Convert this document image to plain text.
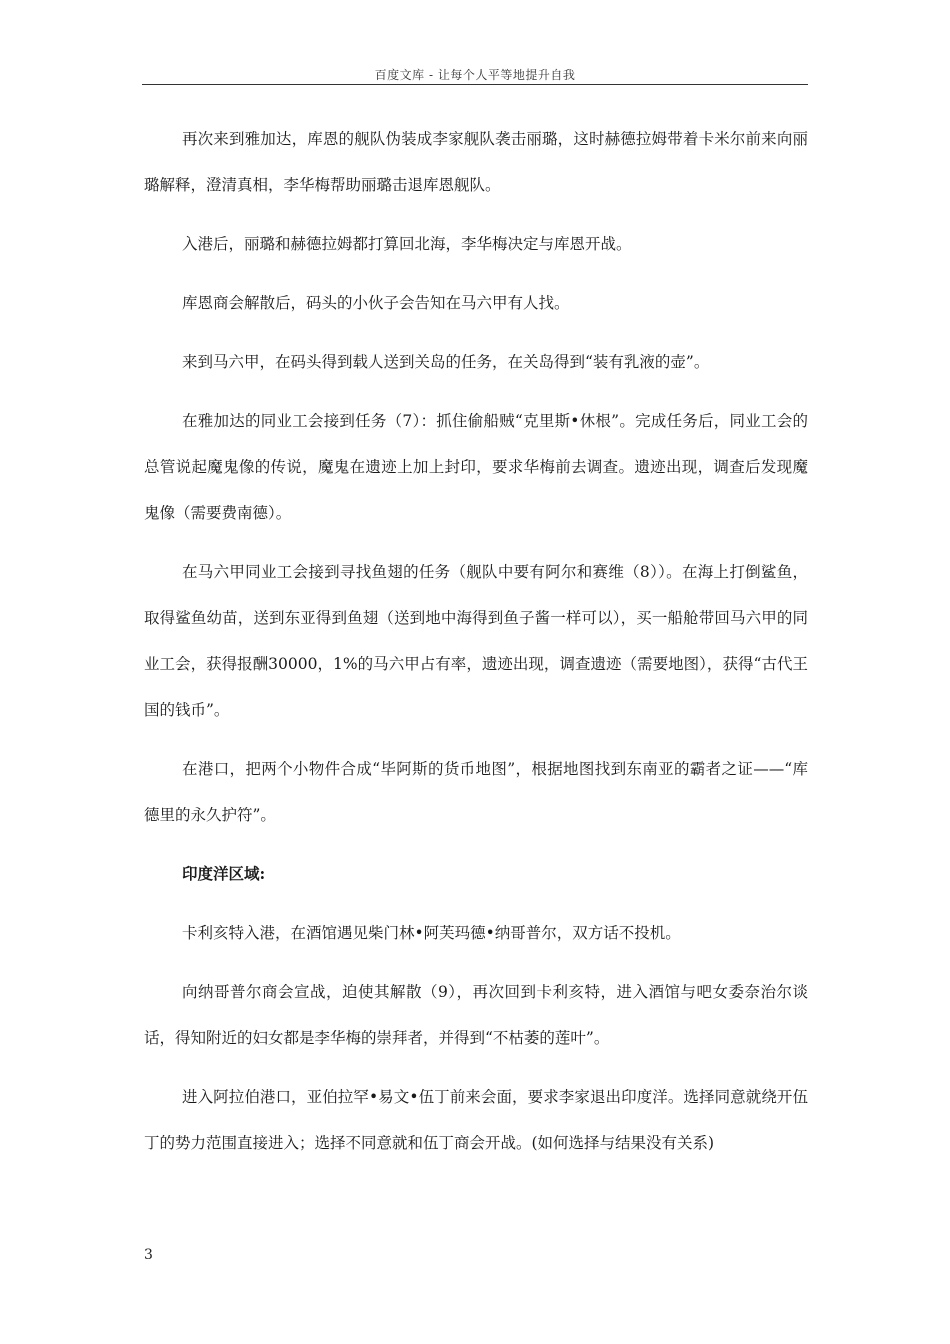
百度文库 - 让每个人平等地提升自我

再次来到雅加达，库恩的舰队伪装成李家舰队袭击丽璐，这时赫德拉姆带着卡米尔前来向丽璐解释，澄清真相，李华梅帮助丽璐击退库恩舰队。

入港后，丽璐和赫德拉姆都打算回北海，李华梅决定与库恩开战。

库恩商会解散后，码头的小伙子会告知在马六甲有人找。

来到马六甲，在码头得到载人送到关岛的任务，在关岛得到“装有乳液的壶”。

在雅加达的同业工会接到任务（7）：抓住偷船贼“克里斯•休根”。完成任务后，同业工会的总管说起魔鬼像的传说，魔鬼在遗迹上加上封印，要求华梅前去调查。遗迹出现，调查后发现魔鬼像（需要费南德）。

在马六甲同业工会接到寻找鱼翅的任务（舰队中要有阿尔和赛维（8））。在海上打倒鲨鱼，取得鲨鱼幼苗，送到东亚得到鱼翅（送到地中海得到鱼子酱一样可以），买一船舱带回马六甲的同业工会，获得报酬30000，1%的马六甲占有率，遗迹出现，调查遗迹（需要地图），获得“古代王国的钱币”。

在港口，把两个小物件合成“毕阿斯的货币地图”，根据地图找到东南亚的霸者之证——“库德里的永久护符”。

印度洋区域:

卡利亥特入港，在酒馆遇见柴门林•阿芙玛德•纳哥普尔，双方话不投机。

向纳哥普尔商会宣战，迫使其解散（9），再次回到卡利亥特，进入酒馆与吧女委奈治尔谈话，得知附近的妇女都是李华梅的崇拜者，并得到“不枯萎的莲叶”。

进入阿拉伯港口，亚伯拉罕•易文•伍丁前来会面，要求李家退出印度洋。选择同意就绕开伍丁的势力范围直接进入；选择不同意就和伍丁商会开战。(如何选择与结果没有关系)

3
